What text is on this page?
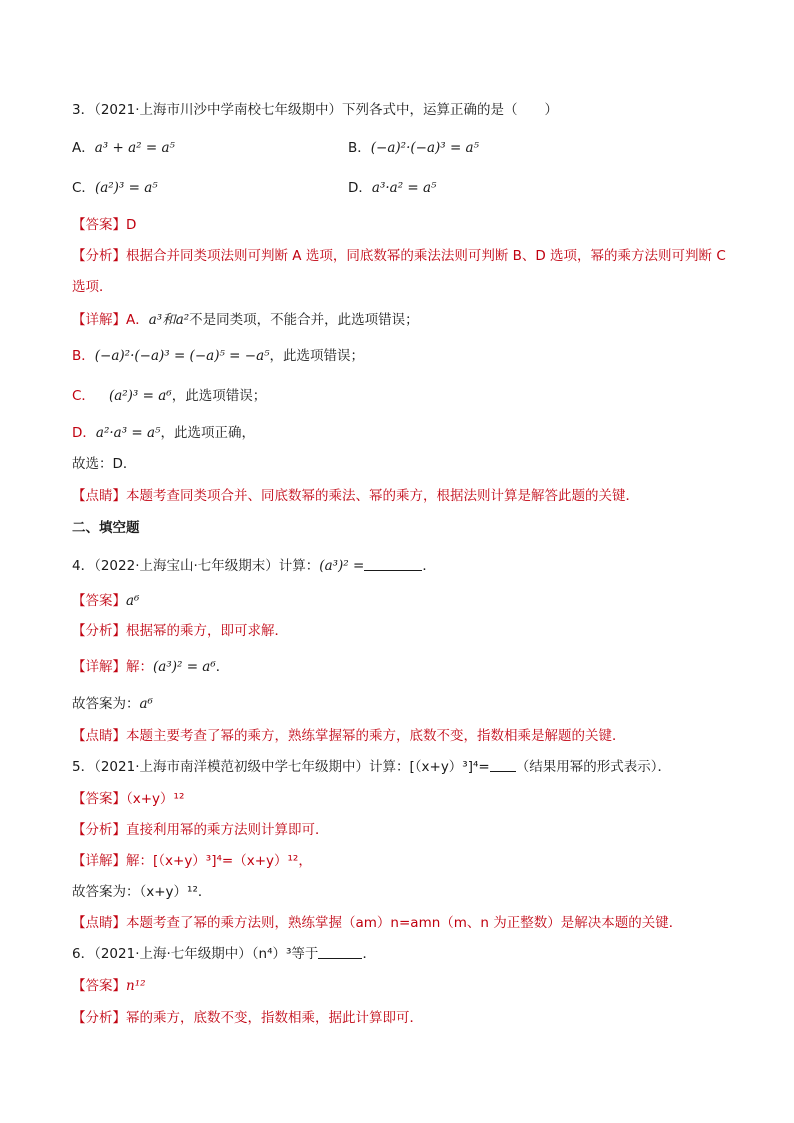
3．（2021·上海市川沙中学南校七年级期中）下列各式中，运算正确的是（　　）
A．a³ + a² = a⁵	B．(−a)²·(−a)³ = a⁵
C．(a²)³ = a⁵	D．a³·a² = a⁵
【答案】D
【分析】根据合并同类项法则可判断 A 选项，同底数幂的乘法法则可判断 B、D 选项，幂的乘方法则可判断 C
选项．
【详解】A．a³和a²不是同类项，不能合并，此选项错误；
B．(−a)²·(−a)³ = (−a)⁵ = −a⁵，此选项错误；
C． (a²)³ = a⁶，此选项错误；
D．a²·a³ = a⁵，此选项正确，
故选：D．
【点睛】本题考查同类项合并、同底数幂的乘法、幂的乘方，根据法则计算是解答此题的关键．
二、填空题
4．（2022·上海宝山·七年级期末）计算：(a³)² =	．
【答案】a⁶
【分析】根据幂的乘方，即可求解．
【详解】解：(a³)² = a⁶．
故答案为：a⁶
【点睛】本题主要考查了幂的乘方，熟练掌握幂的乘方，底数不变，指数相乘是解题的关键．
5．（2021·上海市南洋模范初级中学七年级期中）计算：[（x+y）³]⁴= （结果用幂的形式表示）．
【答案】（x+y）¹²
【分析】直接利用幂的乘方法则计算即可．
【详解】解：[（x+y）³]⁴=（x+y）¹²，
故答案为：（x+y）¹²．
【点睛】本题考查了幂的乘方法则，熟练掌握（am）n=amn（m、n 为正整数）是解决本题的关键．
6．（2021·上海·七年级期中）（n⁴）³等于	．
【答案】n¹²
【分析】幂的乘方，底数不变，指数相乘，据此计算即可．
